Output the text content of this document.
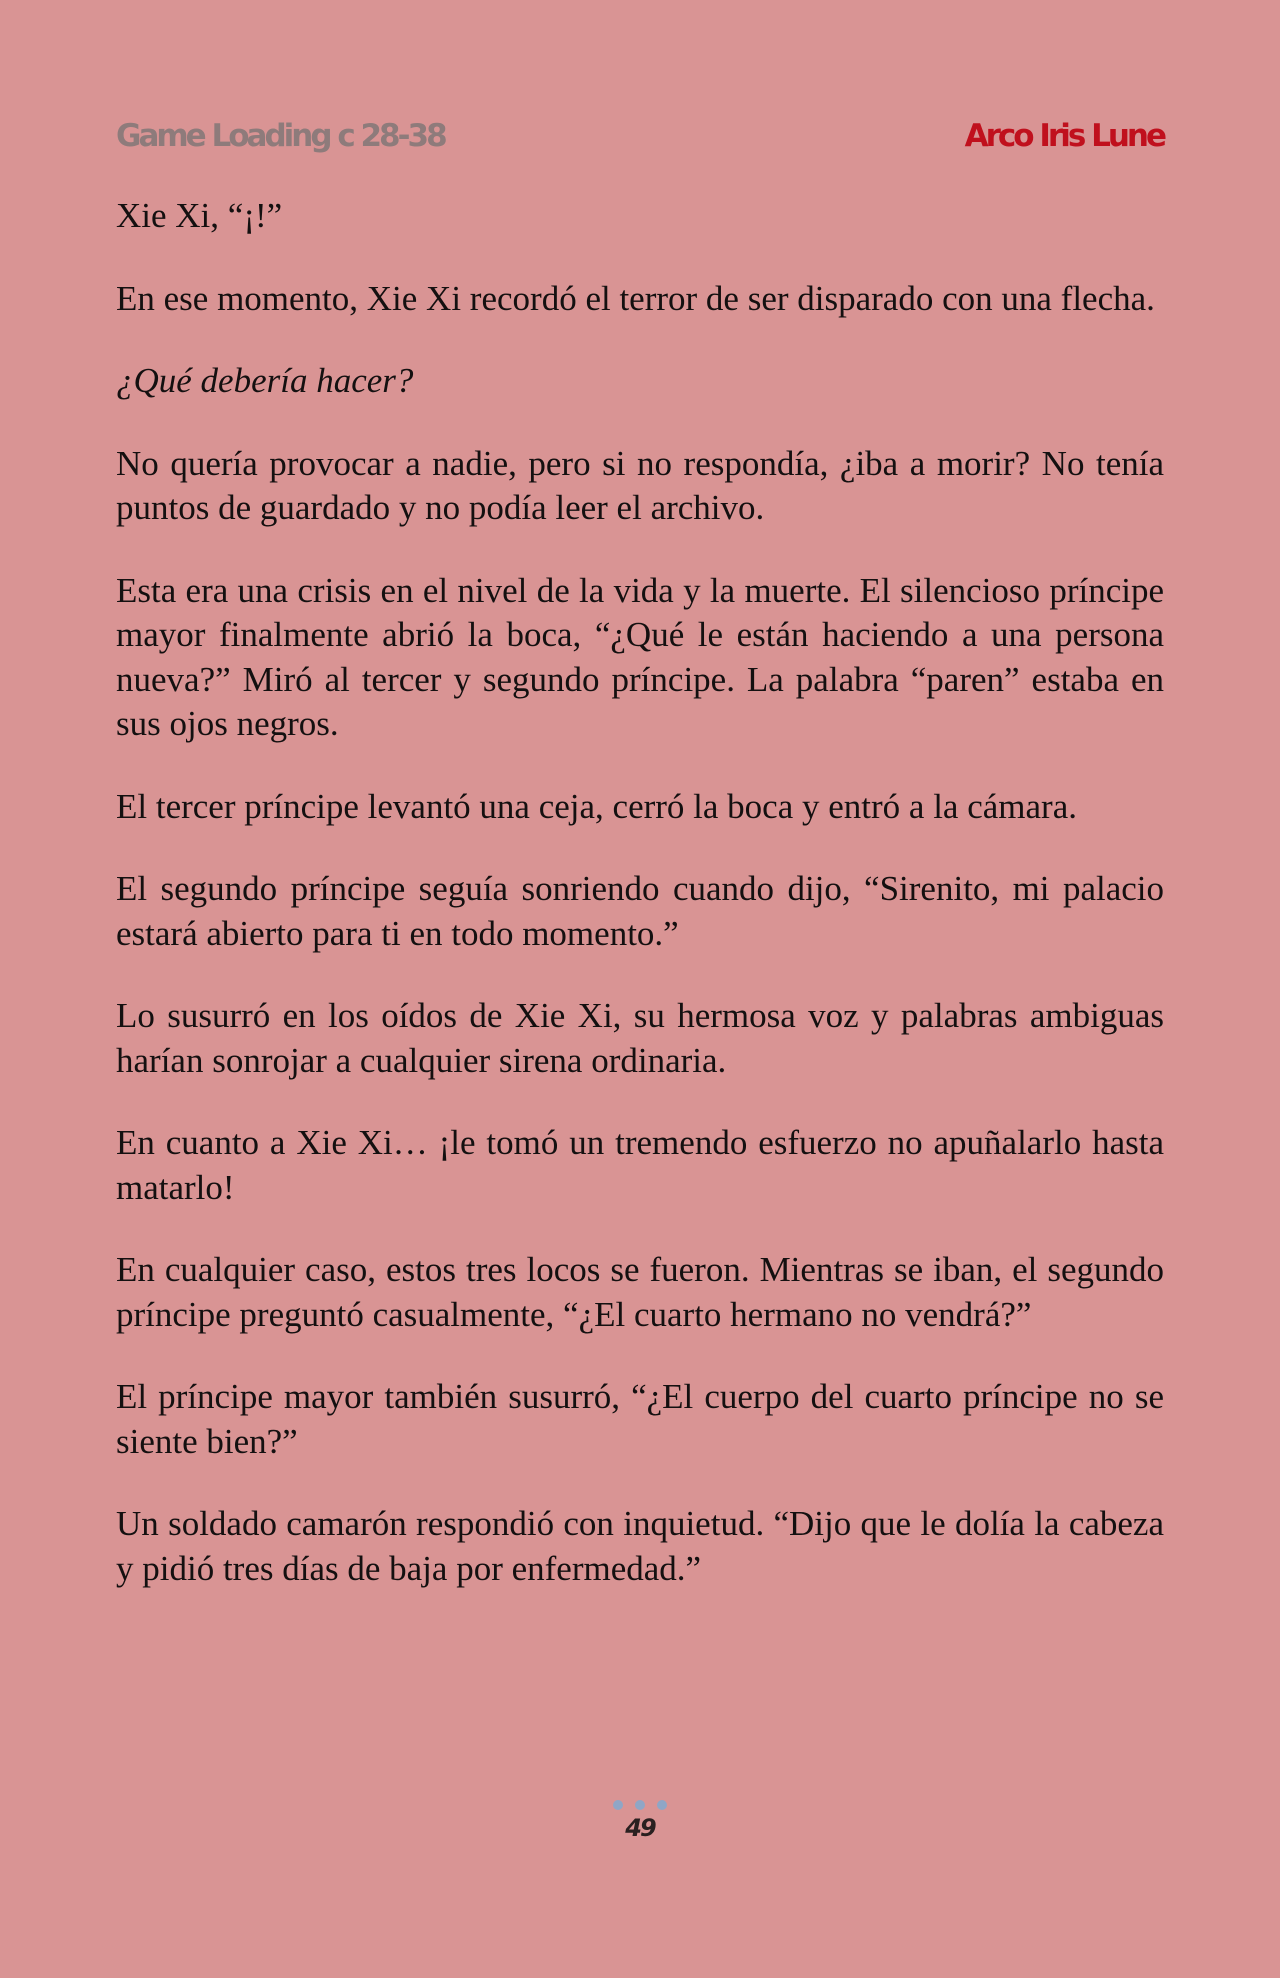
Game Loading c 28-38	Arco Iris Lune

Xie Xi, “¡!”

En ese momento, Xie Xi recordó el terror de ser disparado con una flecha.

¿Qué debería hacer?

No quería provocar a nadie, pero si no respondía, ¿iba a morir? No tenía puntos de guardado y no podía leer el archivo.

Esta era una crisis en el nivel de la vida y la muerte. El silencioso príncipe mayor finalmente abrió la boca, “¿Qué le están haciendo a una persona nueva?” Miró al tercer y segundo príncipe. La palabra “paren” estaba en sus ojos negros.

El tercer príncipe levantó una ceja, cerró la boca y entró a la cámara.

El segundo príncipe seguía sonriendo cuando dijo, “Sirenito, mi palacio estará abierto para ti en todo momento.”

Lo susurró en los oídos de Xie Xi, su hermosa voz y palabras ambiguas harían sonrojar a cualquier sirena ordinaria.

En cuanto a Xie Xi… ¡le tomó un tremendo esfuerzo no apuñalarlo hasta matarlo!

En cualquier caso, estos tres locos se fueron. Mientras se iban, el segundo príncipe preguntó casualmente, “¿El cuarto hermano no vendrá?”

El príncipe mayor también susurró, “¿El cuerpo del cuarto príncipe no se siente bien?”

Un soldado camarón respondió con inquietud. “Dijo que le dolía la cabeza y pidió tres días de baja por enfermedad.”

49
